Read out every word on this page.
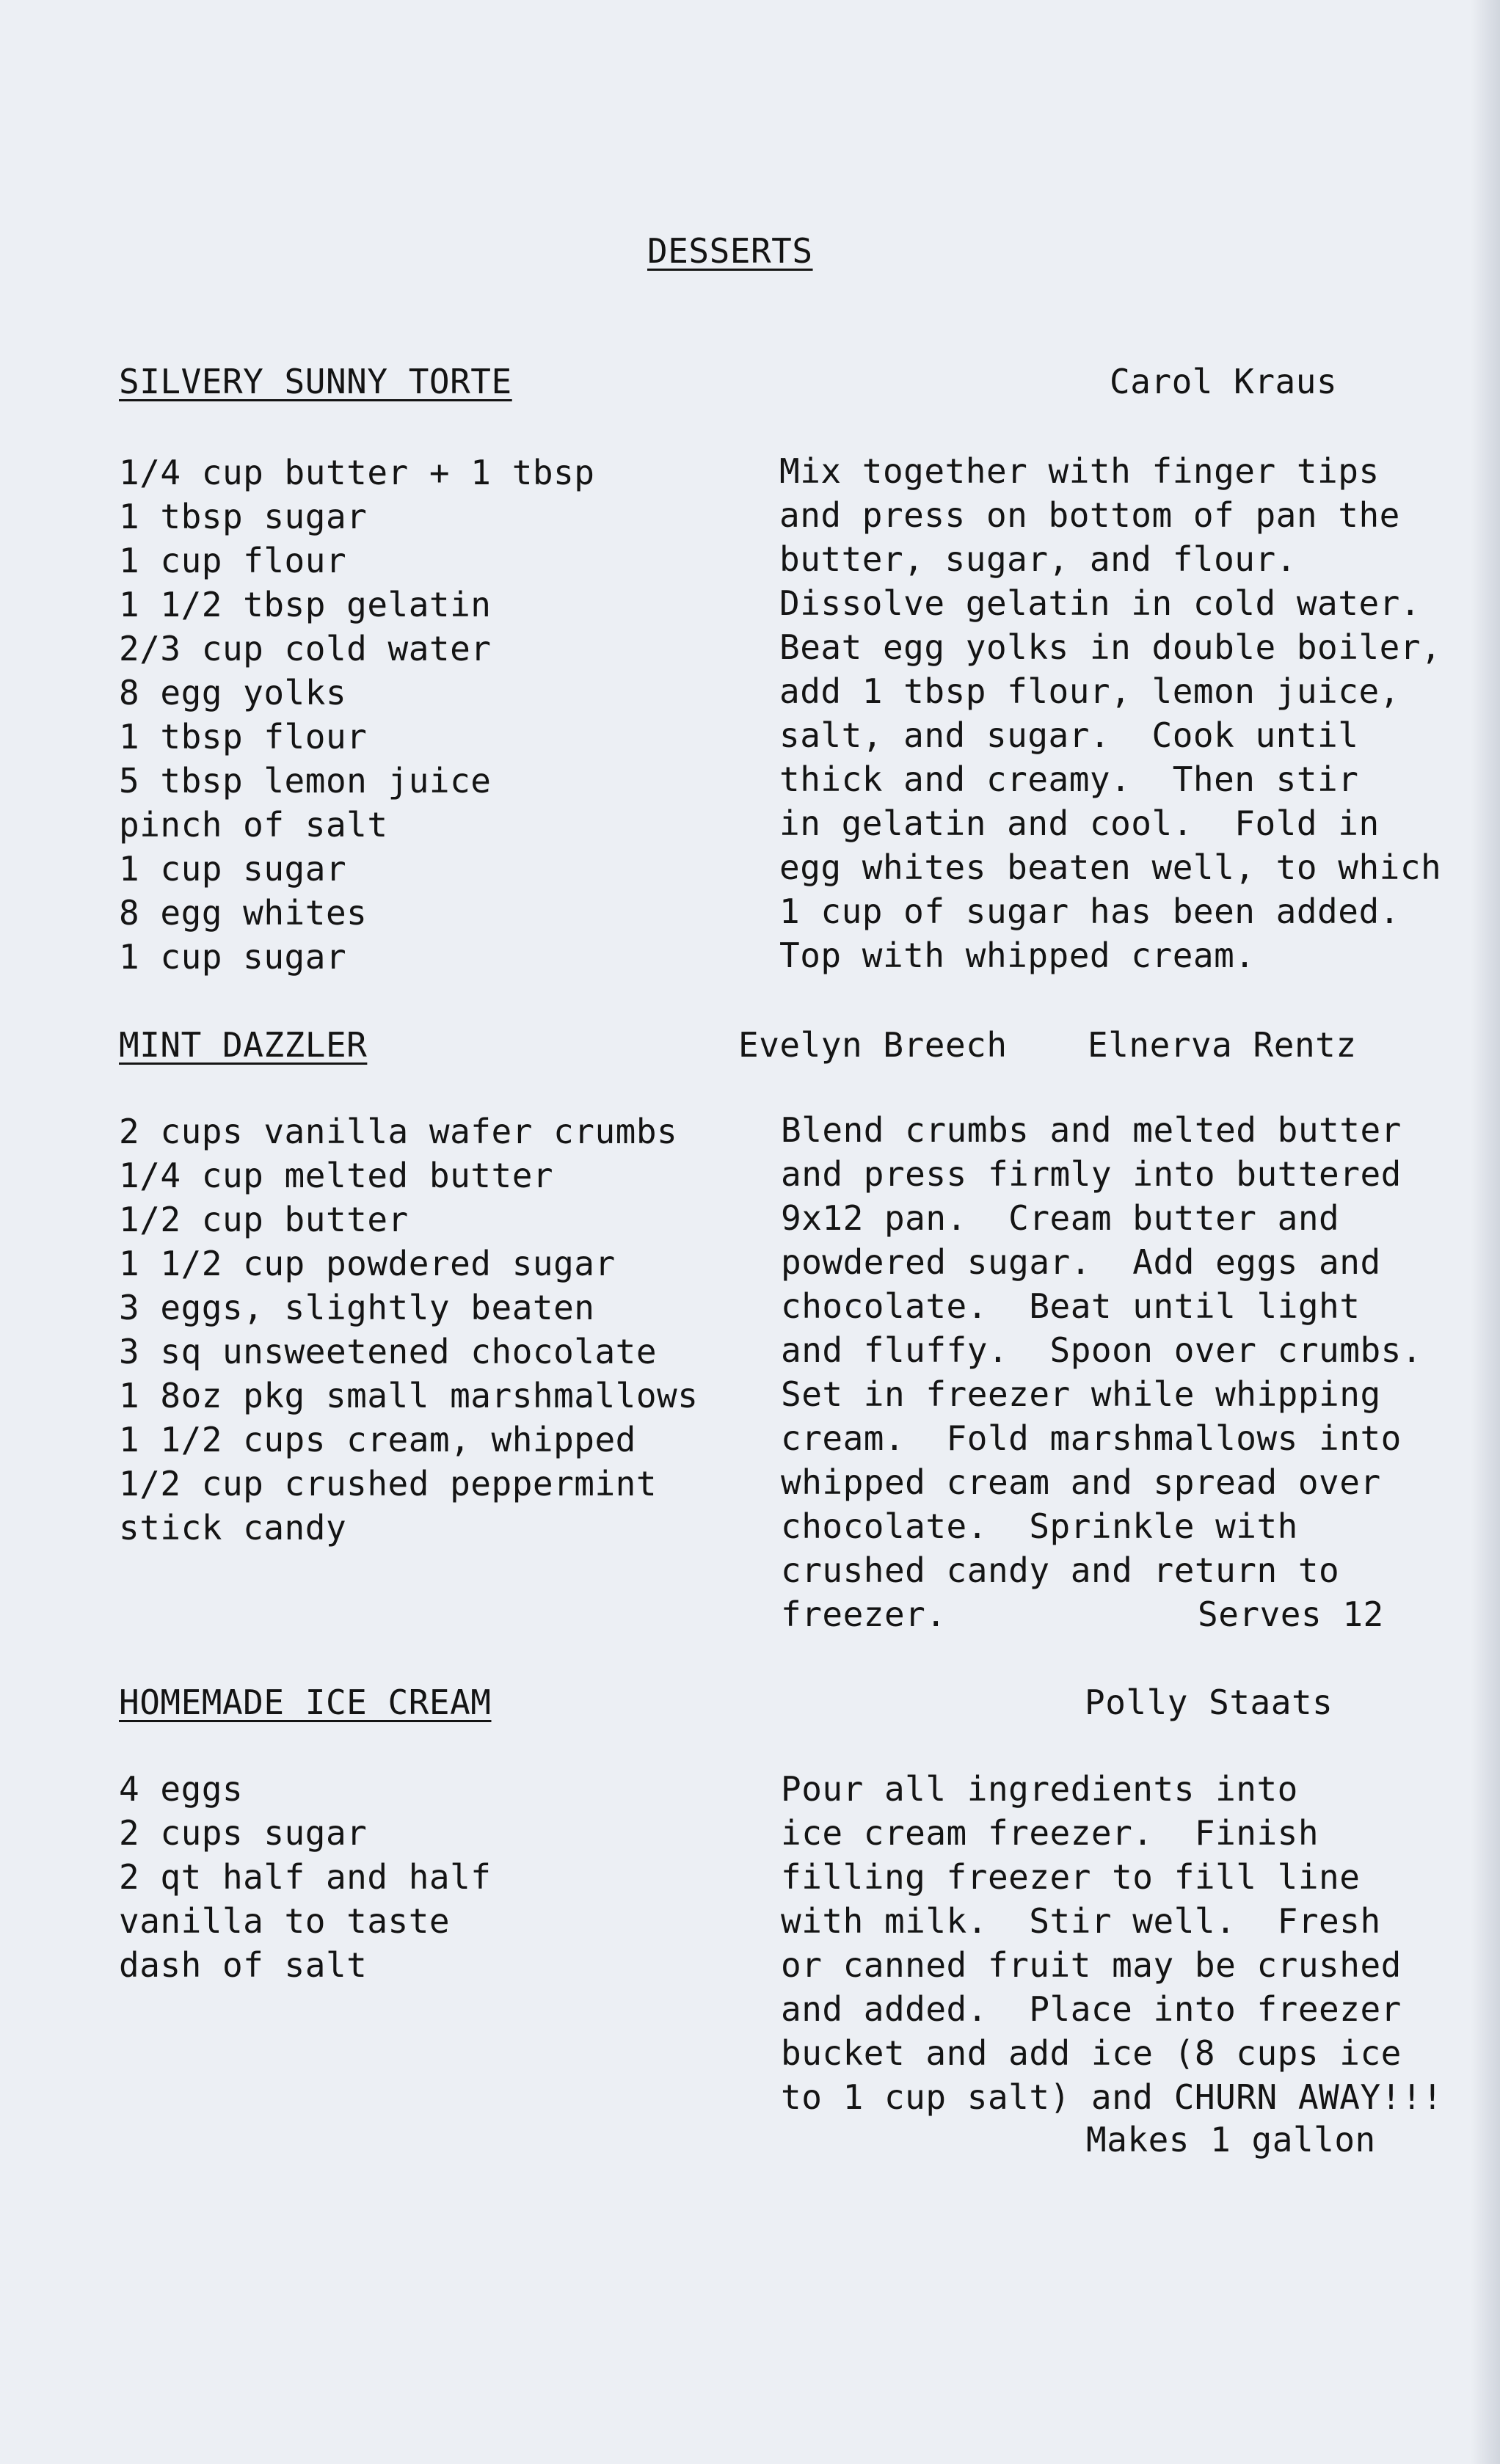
DESSERTS
SILVERY SUNNY TORTE	Carol Kraus
1/4 cup butter + 1 tbsp
1 tbsp sugar
1 cup flour
1 1/2 tbsp gelatin
2/3 cup cold water
8 egg yolks
1 tbsp flour
5 tbsp lemon juice
pinch of salt
1 cup sugar
8 egg whites
1 cup sugar
Mix together with finger tips
and press on bottom of pan the
butter, sugar, and flour.
Dissolve gelatin in cold water.
Beat egg yolks in double boiler,
add 1 tbsp flour, lemon juice,
salt, and sugar.  Cook until
thick and creamy.  Then stir
in gelatin and cool.  Fold in
egg whites beaten well, to which
1 cup of sugar has been added.
Top with whipped cream.
MINT DAZZLER	Evelyn Breech Elnerva Rentz
2 cups vanilla wafer crumbs
1/4 cup melted butter
1/2 cup butter
1 1/2 cup powdered sugar
3 eggs, slightly beaten
3 sq unsweetened chocolate
1 8oz pkg small marshmallows
1 1/2 cups cream, whipped
1/2 cup crushed peppermint
stick candy
Blend crumbs and melted butter
and press firmly into buttered
9x12 pan.  Cream butter and
powdered sugar.  Add eggs and
chocolate.  Beat until light
and fluffy.  Spoon over crumbs.
Set in freezer while whipping
cream.  Fold marshmallows into
whipped cream and spread over
chocolate.  Sprinkle with
crushed candy and return to
freezer.	Serves 12
HOMEMADE ICE CREAM	Polly Staats
4 eggs
2 cups sugar
2 qt half and half
vanilla to taste
dash of salt
Pour all ingredients into
ice cream freezer.  Finish
filling freezer to fill line
with milk.  Stir well.  Fresh
or canned fruit may be crushed
and added.  Place into freezer
bucket and add ice (8 cups ice
to 1 cup salt) and CHURN AWAY!!!
Makes 1 gallon
